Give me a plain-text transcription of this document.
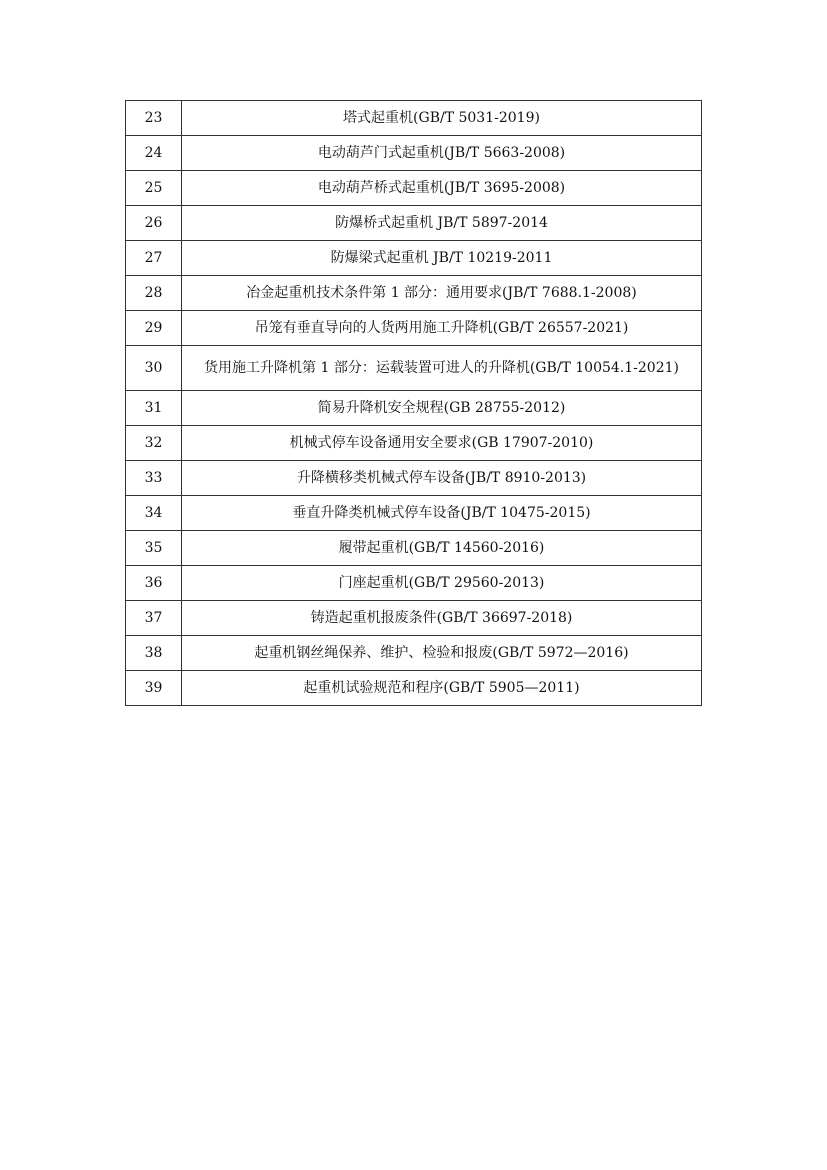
23	塔式起重机(GB/T 5031-2019)
24	电动葫芦门式起重机(JB/T 5663-2008)
25	电动葫芦桥式起重机(JB/T 3695-2008)
26	防爆桥式起重机 JB/T 5897-2014
27	防爆梁式起重机 JB/T 10219-2011
28	冶金起重机技术条件第 1 部分：通用要求(JB/T 7688.1-2008)
29	吊笼有垂直导向的人货两用施工升降机(GB/T 26557-2021)
30	货用施工升降机第 1 部分：运载装置可进人的升降机(GB/T 10054.1-2021)
31	简易升降机安全规程(GB 28755-2012)
32	机械式停车设备通用安全要求(GB 17907-2010)
33	升降横移类机械式停车设备(JB/T 8910-2013)
34	垂直升降类机械式停车设备(JB/T 10475-2015)
35	履带起重机(GB/T 14560-2016)
36	门座起重机(GB/T 29560-2013)
37	铸造起重机报废条件(GB/T 36697-2018)
38	起重机钢丝绳保养、维护、检验和报废(GB/T 5972—2016)
39	起重机试验规范和程序(GB/T 5905—2011)
